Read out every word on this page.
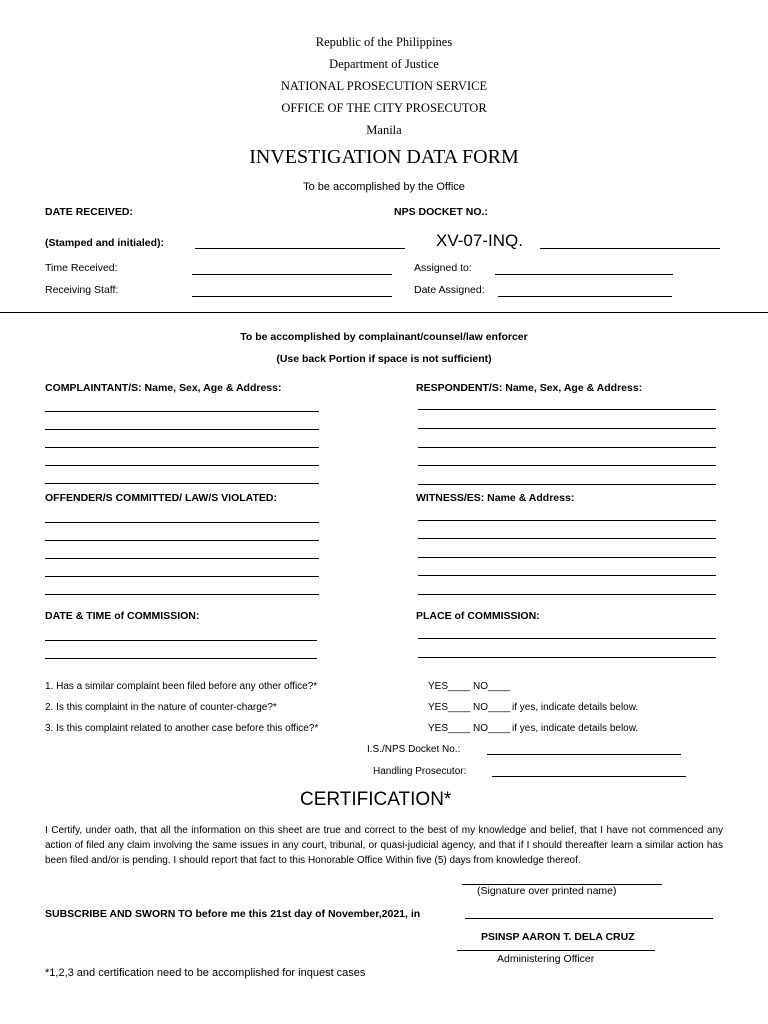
Republic of the Philippines
Department of Justice
NATIONAL PROSECUTION SERVICE
OFFICE OF THE CITY PROSECUTOR
Manila
INVESTIGATION DATA FORM
To be accomplished by the Office
DATE RECEIVED:	NPS DOCKET NO.:
(Stamped and initialed):	XV-07-INQ.
Time Received:	Assigned to:
Receiving Staff:	Date Assigned:
To be accomplished by complainant/counsel/law enforcer
(Use back Portion if space is not sufficient)
COMPLAINTANT/S: Name, Sex, Age & Address:	RESPONDENT/S: Name, Sex, Age & Address:
OFFENDER/S COMMITTED/ LAW/S VIOLATED:	WITNESS/ES: Name & Address:
DATE & TIME of COMMISSION:	PLACE of COMMISSION:
1. Has a similar complaint been filed before any other office?*	YES____ NO____
2. Is this complaint in the nature of counter-charge?*	YES____ NO____ if yes, indicate details below.
3. Is this complaint related to another case before this office?*	YES____ NO____ if yes, indicate details below.
I.S./NPS Docket No.:
Handling Prosecutor:
CERTIFICATION*
I Certify, under oath, that all the information on this sheet are true and correct to the best of my knowledge and belief, that I have not commenced any action of filed any claim involving the same issues in any court, tribunal, or quasi-judicial agency, and that if I should thereafter learn a similar action has been filed and/or is pending. I should report that fact to this Honorable Office Within five (5) days from knowledge thereof.
(Signature over printed name)
SUBSCRIBE AND SWORN TO before me this 21st day of November,2021, in
PSINSP AARON T. DELA CRUZ
Administering Officer
*1,2,3 and certification need to be accomplished for inquest cases
